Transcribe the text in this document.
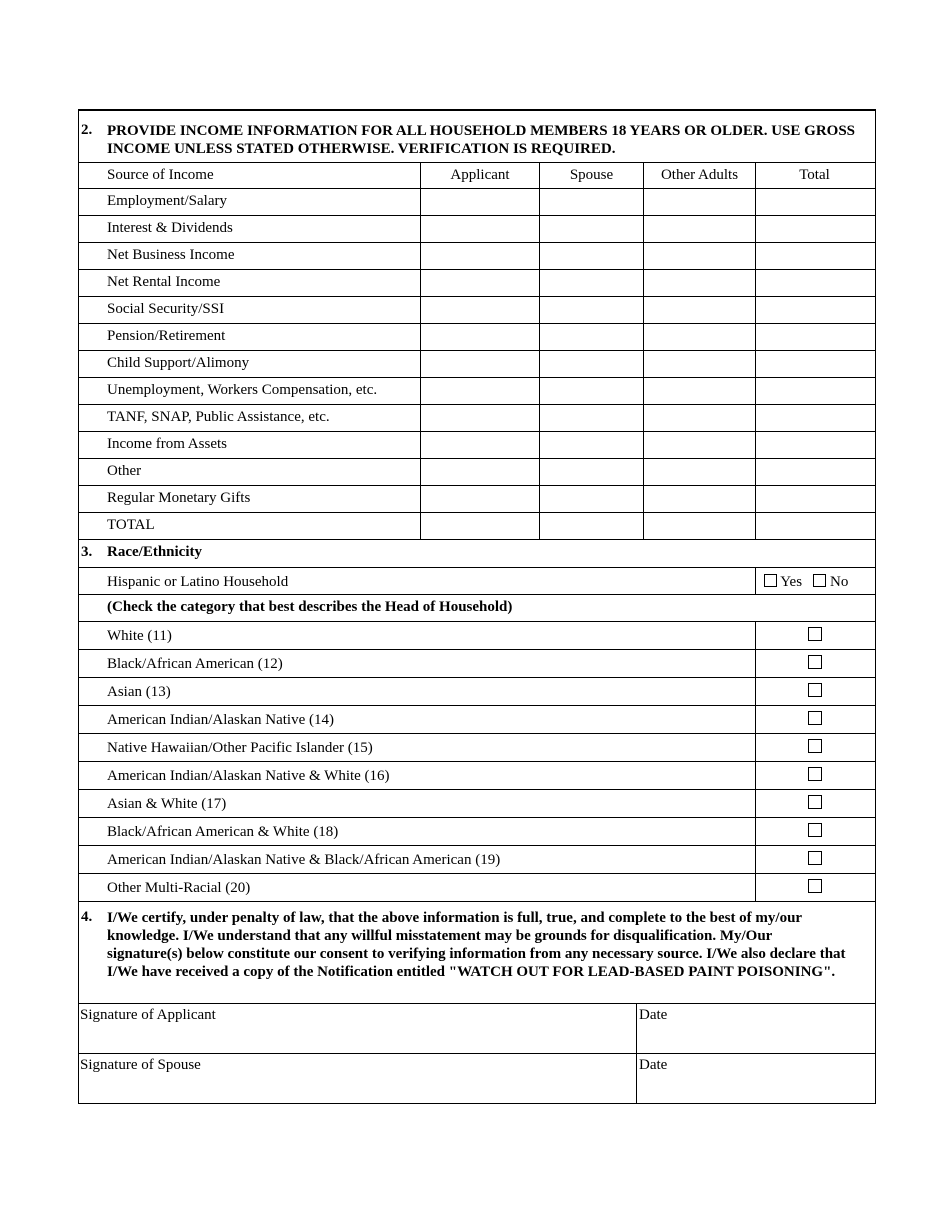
2. PROVIDE INCOME INFORMATION FOR ALL HOUSEHOLD MEMBERS 18 YEARS OR OLDER. USE GROSS INCOME UNLESS STATED OTHERWISE. VERIFICATION IS REQUIRED.
Source of Income	Applicant	Spouse	Other Adults	Total
Employment/Salary
Interest & Dividends
Net Business Income
Net Rental Income
Social Security/SSI
Pension/Retirement
Child Support/Alimony
Unemployment, Workers Compensation, etc.
TANF, SNAP, Public Assistance, etc.
Income from Assets
Other
Regular Monetary Gifts
TOTAL
3. Race/Ethnicity
Hispanic or Latino Household	Yes No
(Check the category that best describes the Head of Household)
White (11)
Black/African American (12)
Asian (13)
American Indian/Alaskan Native (14)
Native Hawaiian/Other Pacific Islander (15)
American Indian/Alaskan Native & White (16)
Asian & White (17)
Black/African American & White (18)
American Indian/Alaskan Native & Black/African American (19)
Other Multi-Racial (20)
4. I/We certify, under penalty of law, that the above information is full, true, and complete to the best of my/our knowledge. I/We understand that any willful misstatement may be grounds for disqualification. My/Our signature(s) below constitute our consent to verifying information from any necessary source. I/We also declare that I/We have received a copy of the Notification entitled "WATCH OUT FOR LEAD-BASED PAINT POISONING".
Signature of Applicant	Date
Signature of Spouse	Date
